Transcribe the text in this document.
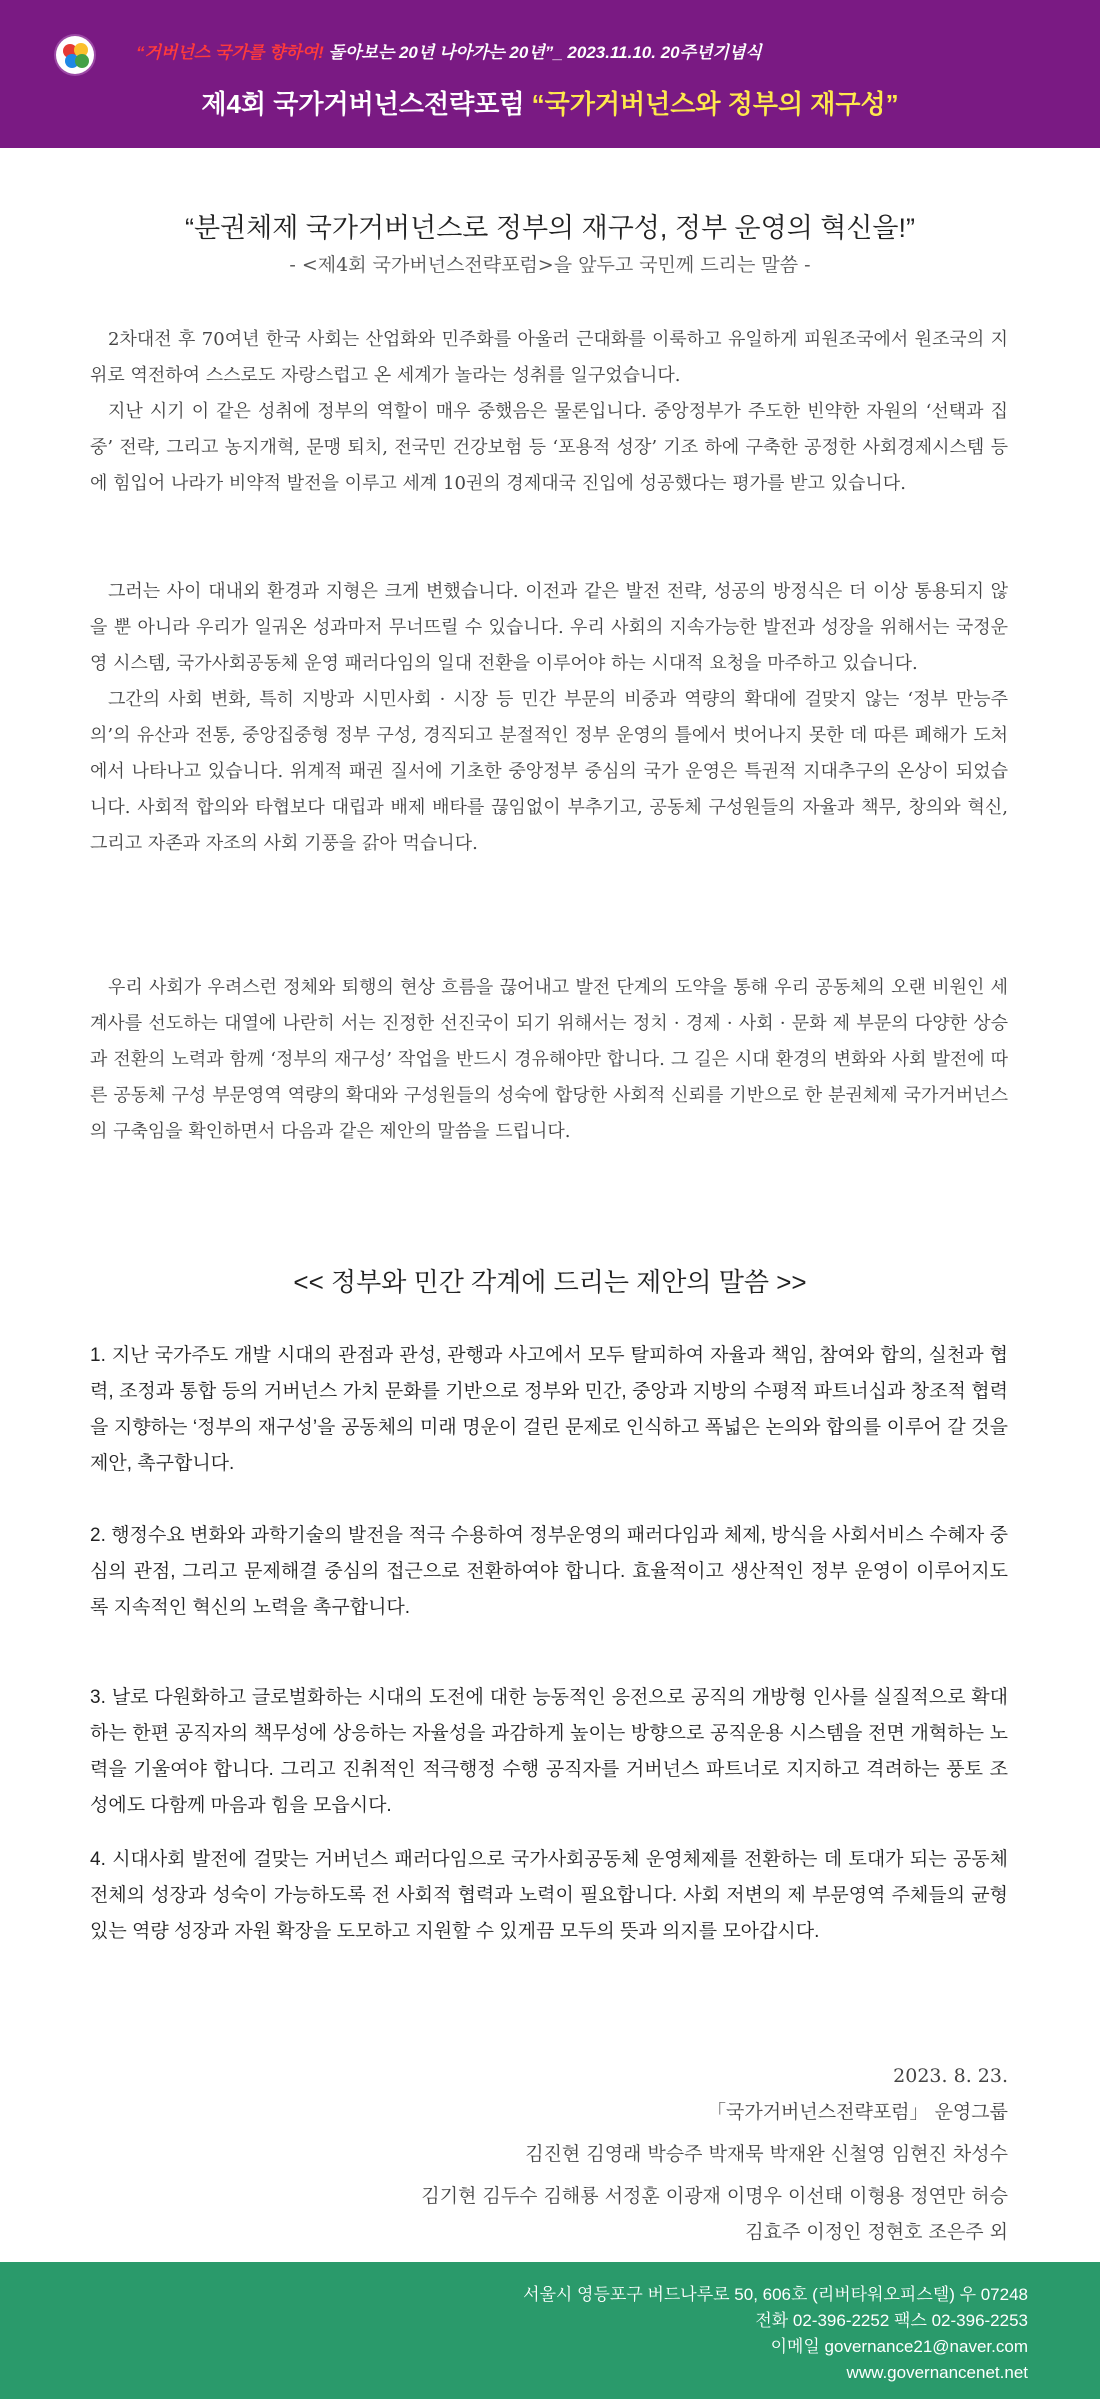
“거버넌스 국가를 향하여! 돌아보는 20년 나아가는 20년”_ 2023.11.10. 20주년기념식
제4회 국가거버넌스전략포럼 “국가거버넌스와 정부의 재구성”
“분권체제 국가거버넌스로 정부의 재구성, 정부 운영의 혁신을!”
- <제4회 국가버넌스전략포럼>을 앞두고 국민께 드리는 말씀 -

2차대전 후 70여년 한국 사회는 산업화와 민주화를 아울러 근대화를 이룩하고 유일하게 피원조국에서 원조국의 지위로 역전하여 스스로도 자랑스럽고 온 세계가 놀라는 성취를 일구었습니다.

지난 시기 이 같은 성취에 정부의 역할이 매우 중했음은 물론입니다. 중앙정부가 주도한 빈약한 자원의 ‘선택과 집중’ 전략, 그리고 농지개혁, 문맹 퇴치, 전국민 건강보험 등 ‘포용적 성장’ 기조 하에 구축한 공정한 사회경제시스템 등에 힘입어 나라가 비약적 발전을 이루고 세계 10권의 경제대국 진입에 성공했다는 평가를 받고 있습니다.

그러는 사이 대내외 환경과 지형은 크게 변했습니다. 이전과 같은 발전 전략, 성공의 방정식은 더 이상 통용되지 않을 뿐 아니라 우리가 일궈온 성과마저 무너뜨릴 수 있습니다. 우리 사회의 지속가능한 발전과 성장을 위해서는 국정운영 시스템, 국가사회공동체 운영 패러다임의 일대 전환을 이루어야 하는 시대적 요청을 마주하고 있습니다.

그간의 사회 변화, 특히 지방과 시민사회 · 시장 등 민간 부문의 비중과 역량의 확대에 걸맞지 않는 ‘정부 만능주의’의 유산과 전통, 중앙집중형 정부 구성, 경직되고 분절적인 정부 운영의 틀에서 벗어나지 못한 데 따른 폐해가 도처에서 나타나고 있습니다. 위계적 패권 질서에 기초한 중앙정부 중심의 국가 운영은 특권적 지대추구의 온상이 되었습니다. 사회적 합의와 타협보다 대립과 배제 배타를 끊임없이 부추기고, 공동체 구성원들의 자율과 책무, 창의와 혁신, 그리고 자존과 자조의 사회 기풍을 갉아 먹습니다.

우리 사회가 우려스런 정체와 퇴행의 현상 흐름을 끊어내고 발전 단계의 도약을 통해 우리 공동체의 오랜 비원인 세계사를 선도하는 대열에 나란히 서는 진정한 선진국이 되기 위해서는 정치 · 경제 · 사회 · 문화 제 부문의 다양한 상승과 전환의 노력과 함께 ‘정부의 재구성’ 작업을 반드시 경유해야만 합니다. 그 길은 시대 환경의 변화와 사회 발전에 따른 공동체 구성 부문영역 역량의 확대와 구성원들의 성숙에 합당한 사회적 신뢰를 기반으로 한 분권체제 국가거버넌스의 구축임을 확인하면서 다음과 같은 제안의 말씀을 드립니다.

<< 정부와 민간 각계에 드리는 제안의 말씀 >>

1. 지난 국가주도 개발 시대의 관점과 관성, 관행과 사고에서 모두 탈피하여 자율과 책임, 참여와 합의, 실천과 협력, 조정과 통합 등의 거버넌스 가치 문화를 기반으로 정부와 민간, 중앙과 지방의 수평적 파트너십과 창조적 협력을 지향하는 ‘정부의 재구성’을 공동체의 미래 명운이 걸린 문제로 인식하고 폭넓은 논의와 합의를 이루어 갈 것을 제안, 촉구합니다.

2. 행정수요 변화와 과학기술의 발전을 적극 수용하여 정부운영의 패러다임과 체제, 방식을 사회서비스 수혜자 중심의 관점, 그리고 문제해결 중심의 접근으로 전환하여야 합니다. 효율적이고 생산적인 정부 운영이 이루어지도록 지속적인 혁신의 노력을 촉구합니다.

3. 날로 다원화하고 글로벌화하는 시대의 도전에 대한 능동적인 응전으로 공직의 개방형 인사를 실질적으로 확대하는 한편 공직자의 책무성에 상응하는 자율성을 과감하게 높이는 방향으로 공직운용 시스템을 전면 개혁하는 노력을 기울여야 합니다. 그리고 진취적인 적극행정 수행 공직자를 거버넌스 파트너로 지지하고 격려하는 풍토 조성에도 다함께 마음과 힘을 모읍시다.

4. 시대사회 발전에 걸맞는 거버넌스 패러다임으로 국가사회공동체 운영체제를 전환하는 데 토대가 되는 공동체 전체의 성장과 성숙이 가능하도록 전 사회적 협력과 노력이 필요합니다. 사회 저변의 제 부문영역 주체들의 균형 있는 역량 성장과 자원 확장을 도모하고 지원할 수 있게끔 모두의 뜻과 의지를 모아갑시다.

2023. 8. 23.
「국가거버넌스전략포럼」 운영그룹
김진현 김영래 박승주 박재묵 박재완 신철영 임현진 차성수
김기현 김두수 김해룡 서정훈 이광재 이명우 이선태 이형용 정연만 허승
김효주 이정인 정현호 조은주 외
서울시 영등포구 버드나루로 50, 606호 (리버타워오피스텔) 우 07248
전화 02-396-2252 팩스 02-396-2253
이메일 governance21@naver.com
www.governancenet.net
